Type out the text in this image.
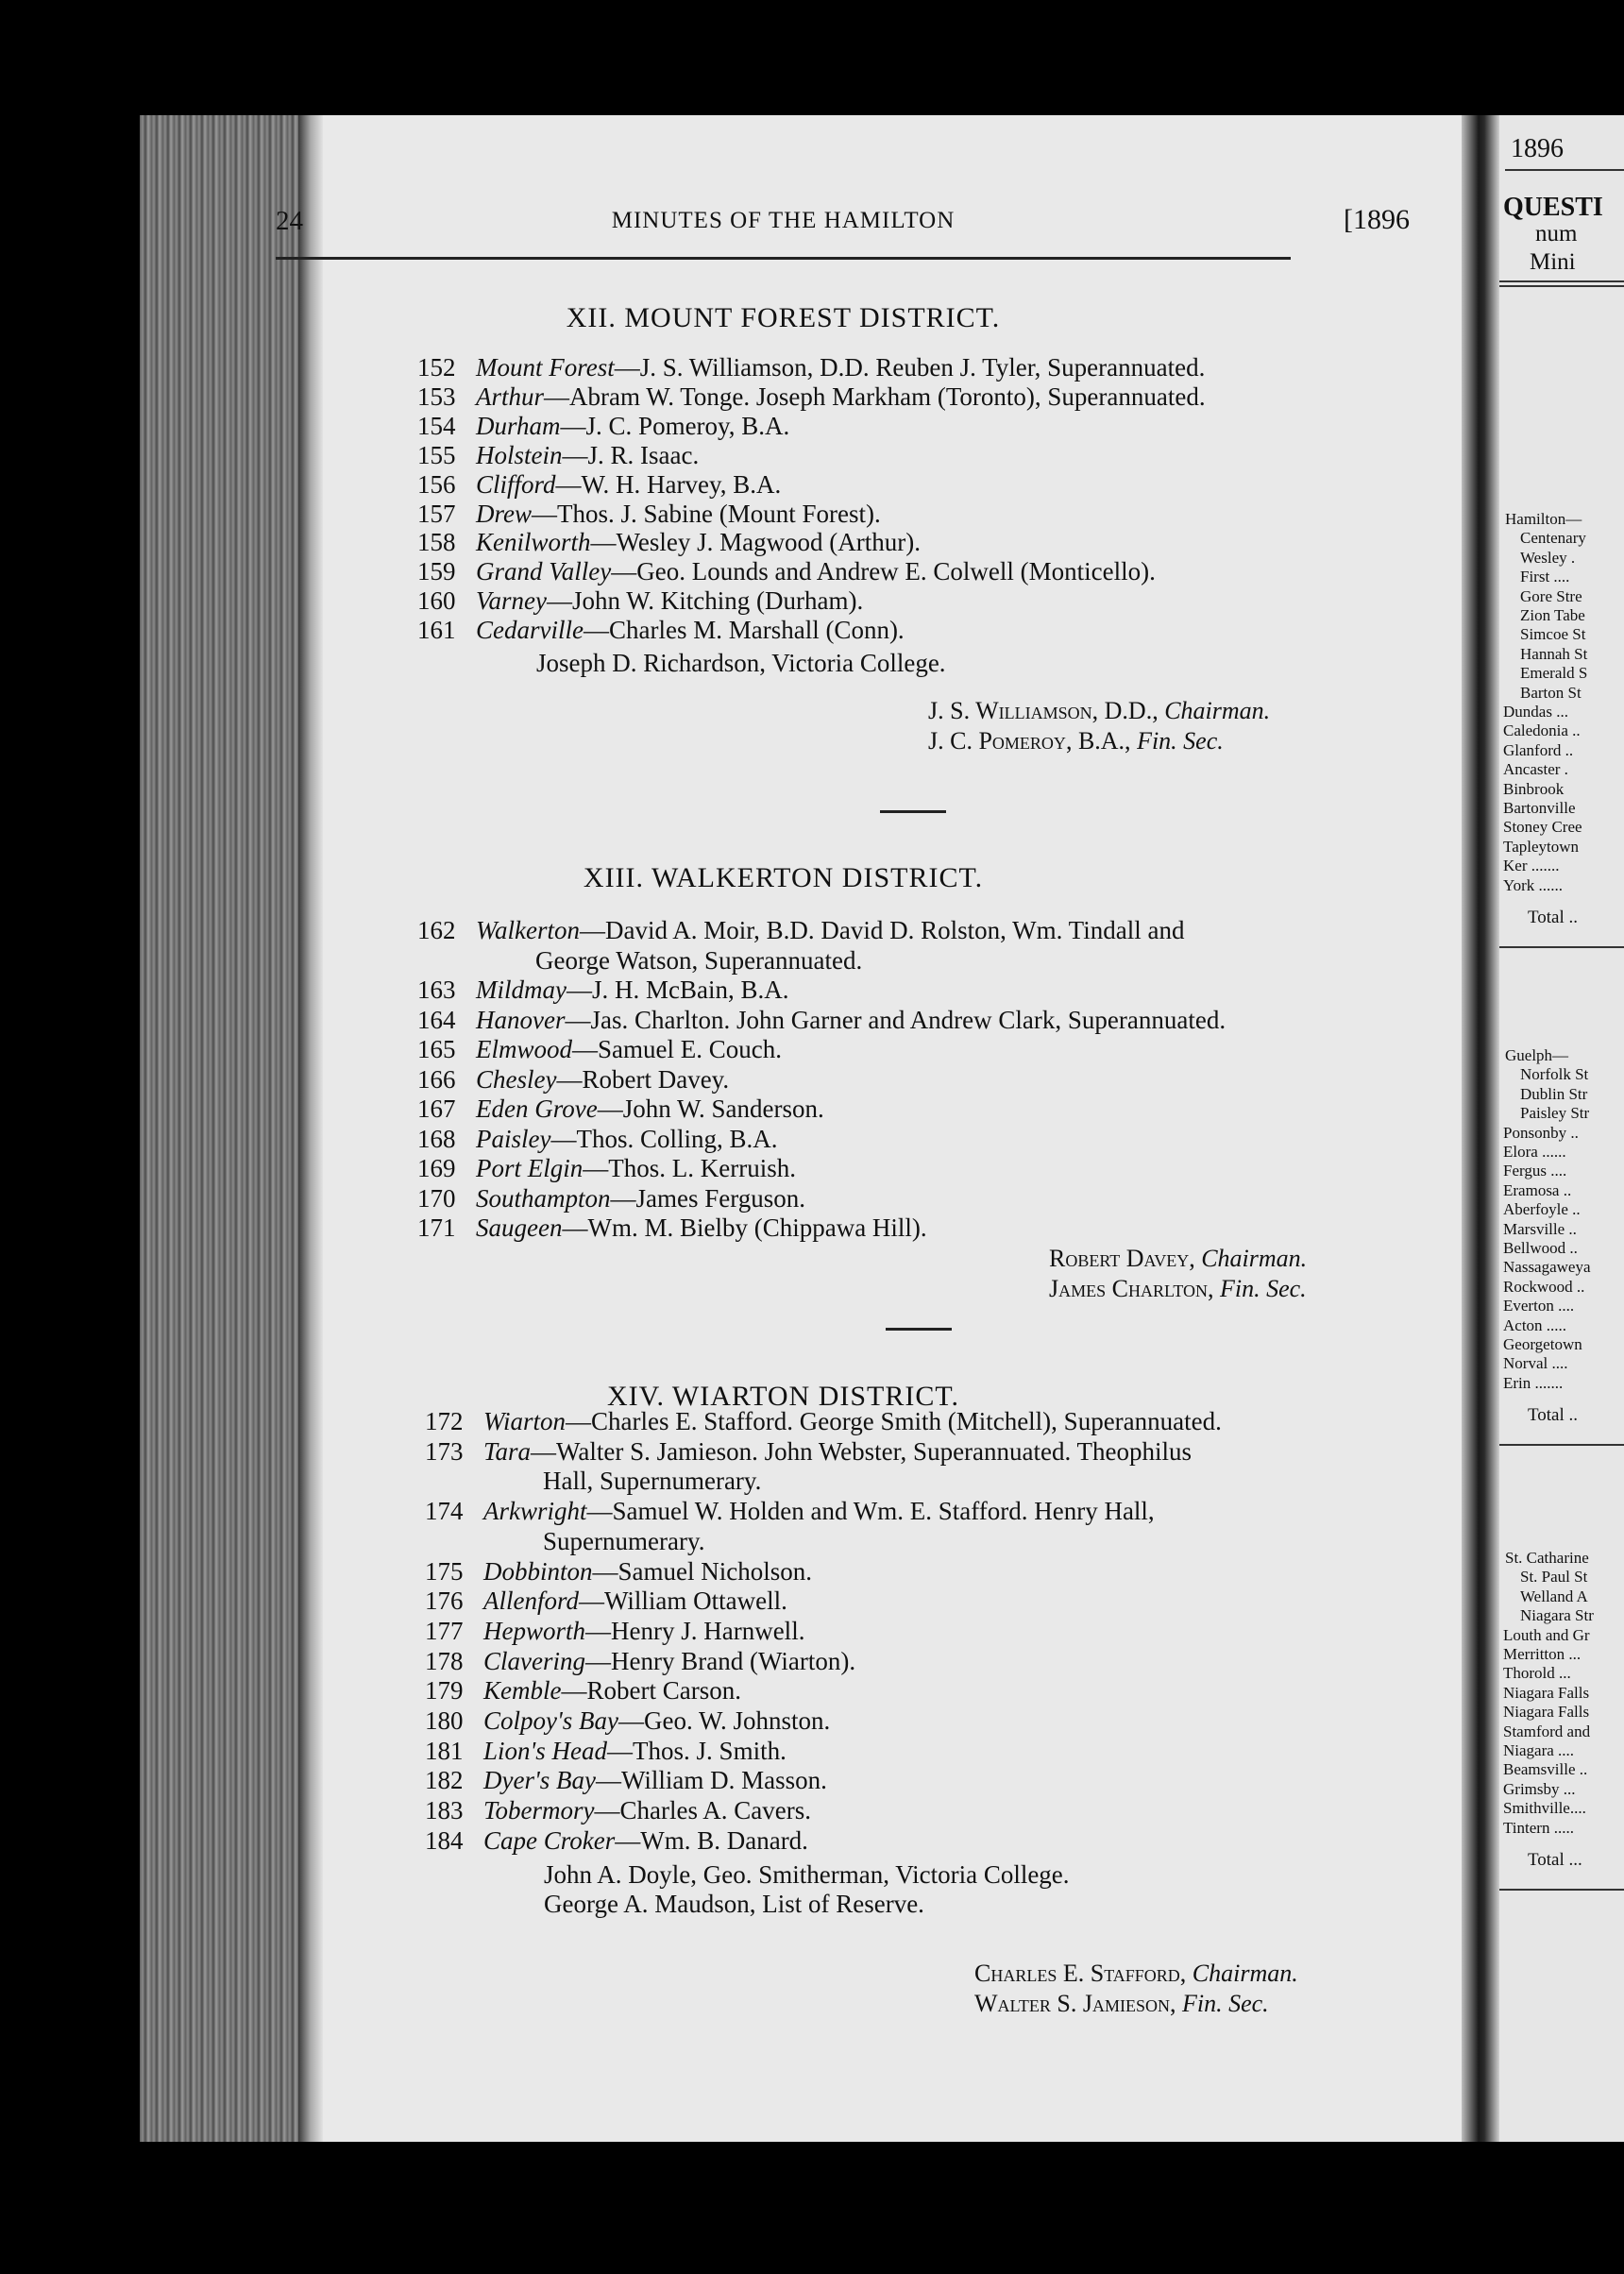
1896
QUESTI
num
Mini
Hamilton—
Centenary
Wesley .
First ....
Gore Stre
Zion Tabe
Simcoe St
Hannah St
Emerald S
Barton St
Dundas ...
Caledonia ..
Glanford ..
Ancaster .
Binbrook
Bartonville
Stoney Cree
Tapleytown
Ker .......
York ......
Total ..
Guelph—
Norfolk St
Dublin Str
Paisley Str
Ponsonby ..
Elora ......
Fergus ....
Eramosa ..
Aberfoyle ..
Marsville ..
Bellwood ..
Nassagaweya
Rockwood ..
Everton ....
Acton .....
Georgetown
Norval ....
Erin .......
Total ..
St. Catharine
St. Paul St
Welland A
Niagara Str
Louth and Gr
Merritton ...
Thorold ...
Niagara Falls
Niagara Falls
Stamford and
Niagara ....
Beamsville ..
Grimsby ...
Smithville....
Tintern .....
Total ...
24	MINUTES OF THE HAMILTON	[1896
XII. MOUNT FOREST DISTRICT.
152 Mount Forest—J. S. Williamson, D.D. Reuben J. Tyler, Superannuated.
153 Arthur—Abram W. Tonge. Joseph Markham (Toronto), Superannuated.
154 Durham—J. C. Pomeroy, B.A.
155 Holstein—J. R. Isaac.
156 Clifford—W. H. Harvey, B.A.
157 Drew—Thos. J. Sabine (Mount Forest).
158 Kenilworth—Wesley J. Magwood (Arthur).
159 Grand Valley—Geo. Lounds and Andrew E. Colwell (Monticello).
160 Varney—John W. Kitching (Durham).
161 Cedarville—Charles M. Marshall (Conn).
Joseph D. Richardson, Victoria College.
J. S. Williamson, D.D., Chairman.
J. C. Pomeroy, B.A., Fin. Sec.
XIII. WALKERTON DISTRICT.
162 Walkerton—David A. Moir, B.D. David D. Rolston, Wm. Tindall and
George Watson, Superannuated.
163 Mildmay—J. H. McBain, B.A.
164 Hanover—Jas. Charlton. John Garner and Andrew Clark, Superannuated.
165 Elmwood—Samuel E. Couch.
166 Chesley—Robert Davey.
167 Eden Grove—John W. Sanderson.
168 Paisley—Thos. Colling, B.A.
169 Port Elgin—Thos. L. Kerruish.
170 Southampton—James Ferguson.
171 Saugeen—Wm. M. Bielby (Chippawa Hill).
Robert Davey, Chairman.
James Charlton, Fin. Sec.
XIV. WIARTON DISTRICT.
172 Wiarton—Charles E. Stafford. George Smith (Mitchell), Superannuated.
173 Tara—Walter S. Jamieson. John Webster, Superannuated. Theophilus
Hall, Supernumerary.
174 Arkwright—Samuel W. Holden and Wm. E. Stafford. Henry Hall,
Supernumerary.
175 Dobbinton—Samuel Nicholson.
176 Allenford—William Ottawell.
177 Hepworth—Henry J. Harnwell.
178 Clavering—Henry Brand (Wiarton).
179 Kemble—Robert Carson.
180 Colpoy's Bay—Geo. W. Johnston.
181 Lion's Head—Thos. J. Smith.
182 Dyer's Bay—William D. Masson.
183 Tobermory—Charles A. Cavers.
184 Cape Croker—Wm. B. Danard.
John A. Doyle, Geo. Smitherman, Victoria College.
George A. Maudson, List of Reserve.
Charles E. Stafford, Chairman.
Walter S. Jamieson, Fin. Sec.
